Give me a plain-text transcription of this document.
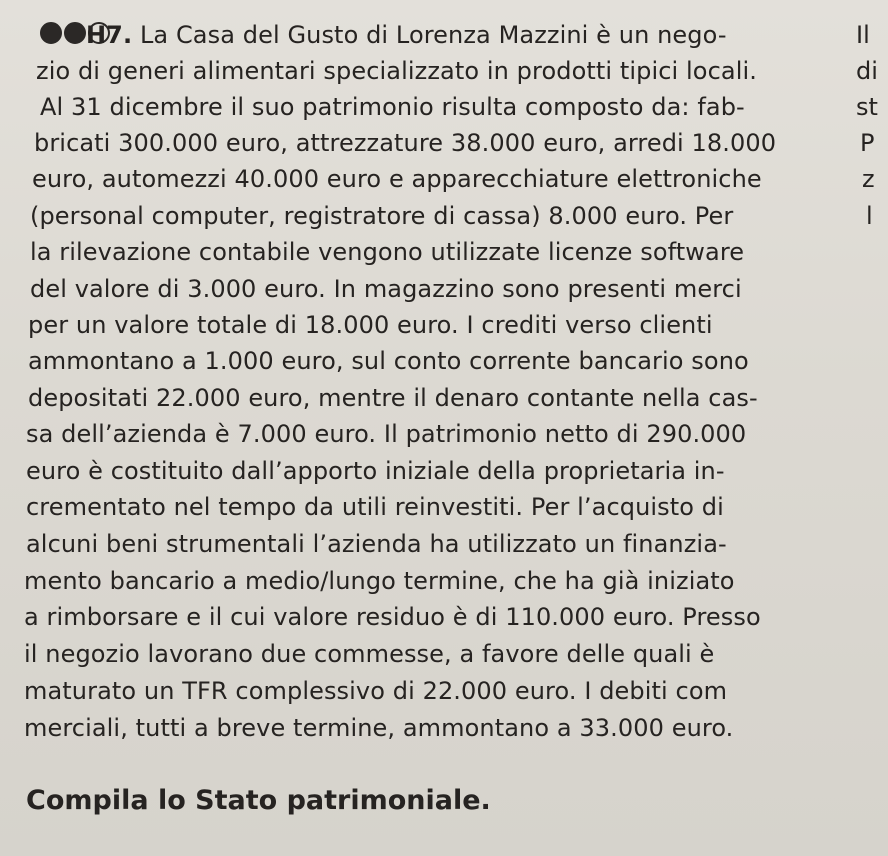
H7. La Casa del Gusto di Lorenza Mazzini è un nego-
zio di generi alimentari specializzato in prodotti tipici locali.
Al 31 dicembre il suo patrimonio risulta composto da: fab-
bricati 300.000 euro, attrezzature 38.000 euro, arredi 18.000
euro, automezzi 40.000 euro e apparecchiature elettroniche
(personal computer, registratore di cassa) 8.000 euro. Per
la rilevazione contabile vengono utilizzate licenze software
del valore di 3.000 euro. In magazzino sono presenti merci
per un valore totale di 18.000 euro. I crediti verso clienti
ammontano a 1.000 euro, sul conto corrente bancario sono
depositati 22.000 euro, mentre il denaro contante nella cas-
sa dell’azienda è 7.000 euro. Il patrimonio netto di 290.000
euro è costituito dall’apporto iniziale della proprietaria in-
crementato nel tempo da utili reinvestiti. Per l’acquisto di
alcuni beni strumentali l’azienda ha utilizzato un finanzia-
mento bancario a medio/lungo termine, che ha già iniziato
a rimborsare e il cui valore residuo è di 110.000 euro. Presso
il negozio lavorano due commesse, a favore delle quali è
maturato un TFR complessivo di 22.000 euro. I debiti com
merciali, tutti a breve termine, ammontano a 33.000 euro.
Compila lo Stato patrimoniale.
Il
di
st
P
z
l
